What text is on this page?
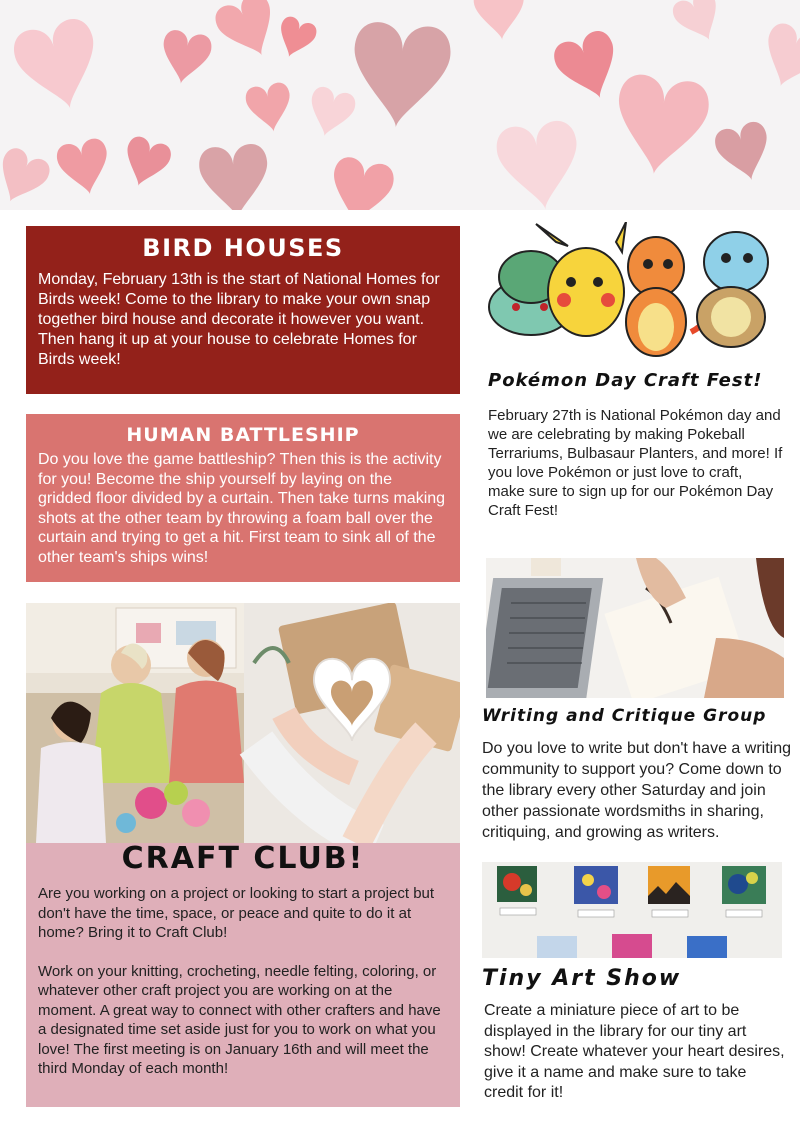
BIRD HOUSES

Monday, February 13th is the start of National Homes for Birds week! Come to the library to make your own snap together bird house and decorate it however you want. Then hang it up at your house to celebrate Homes for Birds week!

HUMAN BATTLESHIP

Do you love the game battleship? Then this is the activity for you! Become the ship yourself by laying on the gridded floor divided by a curtain. Then take turns making shots at the other team by throwing a foam ball over the curtain and trying to get a hit. First team to sink all of the other team's ships wins!

CRAFT CLUB!

Are you working on a project or looking to start a project but don't have the time, space, or peace and quite to do it at home? Bring it to Craft Club!

Work on your knitting, crocheting, needle felting, coloring, or whatever other craft project you are working on at the moment. A great way to connect with other crafters and have a designated time set aside just for you to work on what you love! The first meeting is on January 16th and will meet the third Monday of each month!

Pokémon Day Craft Fest!

February 27th is National Pokémon day and we are celebrating by making Pokeball Terrariums, Bulbasaur Planters, and more! If you love Pokémon or just love to craft, make sure to sign up for our Pokémon Day Craft Fest!

Writing and Critique Group

Do you love to write but don't have a writing community to support you? Come down to the library every other Saturday and join other passionate wordsmiths in sharing, critiquing, and growing as writers.

Tiny Art Show

Create a miniature piece of art to be displayed in the library for our tiny art show! Create whatever your heart desires, give it a name and make sure to take credit for it!
